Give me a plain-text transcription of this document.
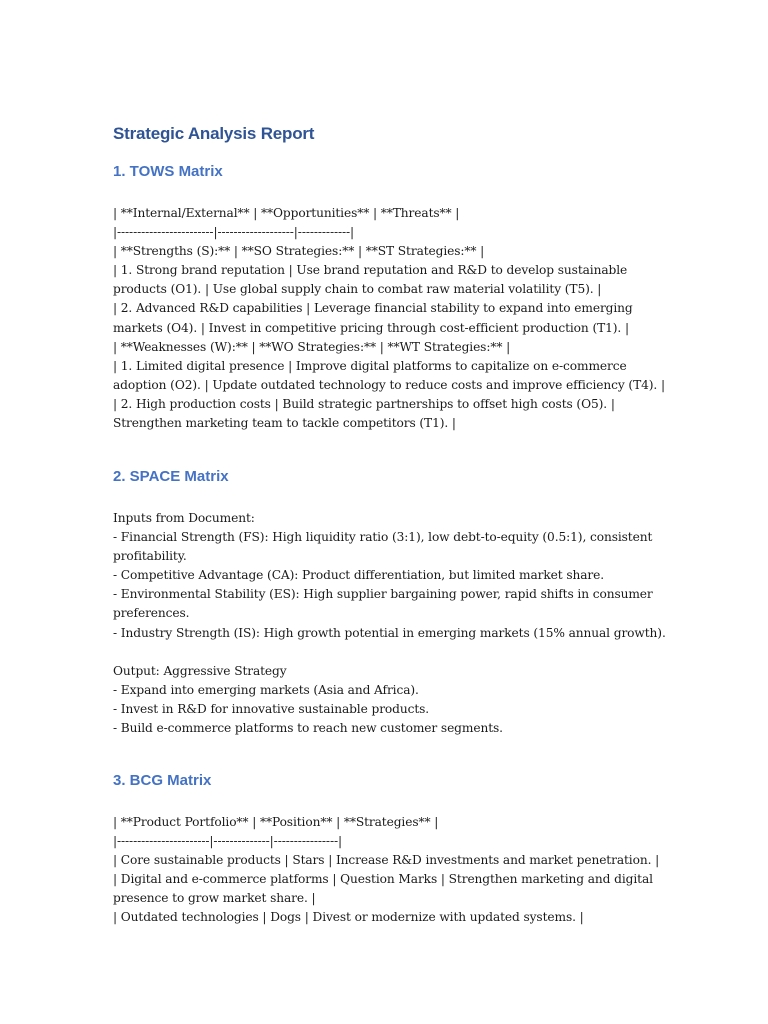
Strategic Analysis Report
1. TOWS Matrix
| **Internal/External** | **Opportunities** | **Threats** |
|------------------------|-------------------|-------------|
| **Strengths (S):** | **SO Strategies:** | **ST Strategies:** |
| 1. Strong brand reputation | Use brand reputation and R&D to develop sustainable
products (O1). | Use global supply chain to combat raw material volatility (T5). |
| 2. Advanced R&D capabilities | Leverage financial stability to expand into emerging
markets (O4). | Invest in competitive pricing through cost-efficient production (T1). |
| **Weaknesses (W):** | **WO Strategies:** | **WT Strategies:** |
| 1. Limited digital presence | Improve digital platforms to capitalize on e-commerce
adoption (O2). | Update outdated technology to reduce costs and improve efficiency (T4). |
| 2. High production costs | Build strategic partnerships to offset high costs (O5). |
Strengthen marketing team to tackle competitors (T1). |
2. SPACE Matrix
Inputs from Document:
- Financial Strength (FS): High liquidity ratio (3:1), low debt-to-equity (0.5:1), consistent
profitability.
- Competitive Advantage (CA): Product differentiation, but limited market share.
- Environmental Stability (ES): High supplier bargaining power, rapid shifts in consumer
preferences.
- Industry Strength (IS): High growth potential in emerging markets (15% annual growth).
Output: Aggressive Strategy
- Expand into emerging markets (Asia and Africa).
- Invest in R&D for innovative sustainable products.
- Build e-commerce platforms to reach new customer segments.
3. BCG Matrix
| **Product Portfolio** | **Position** | **Strategies** |
|-----------------------|--------------|----------------|
| Core sustainable products | Stars | Increase R&D investments and market penetration. |
| Digital and e-commerce platforms | Question Marks | Strengthen marketing and digital
presence to grow market share. |
| Outdated technologies | Dogs | Divest or modernize with updated systems. |
